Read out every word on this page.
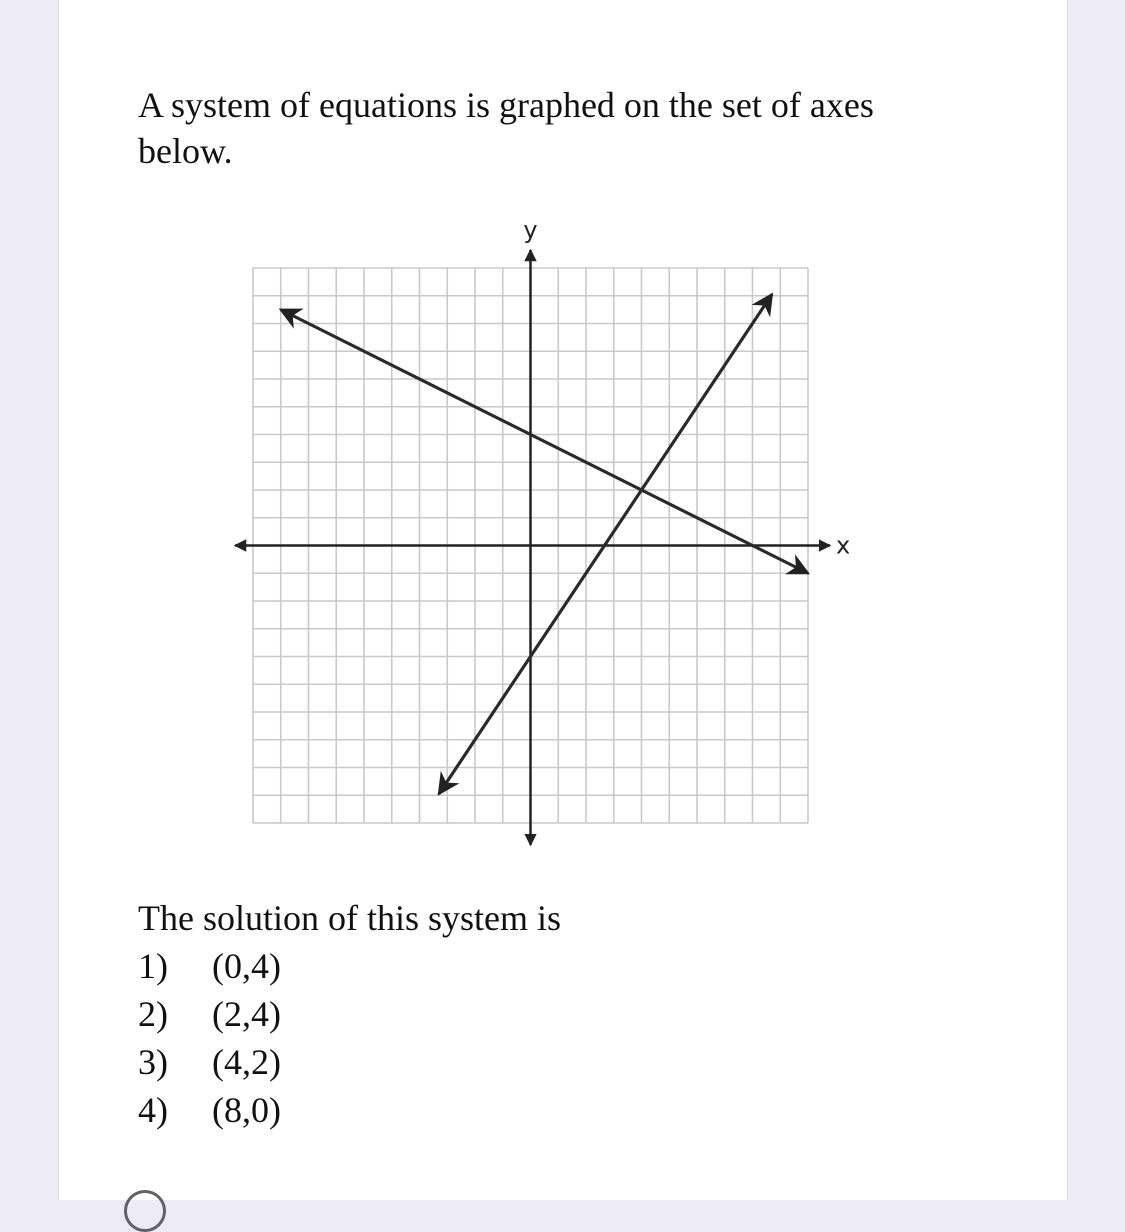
A system of equations is graphed on the set of axes below.
x
y
The solution of this system is
1)	(0,4)
2)	(2,4)
3)	(4,2)
4)	(8,0)
